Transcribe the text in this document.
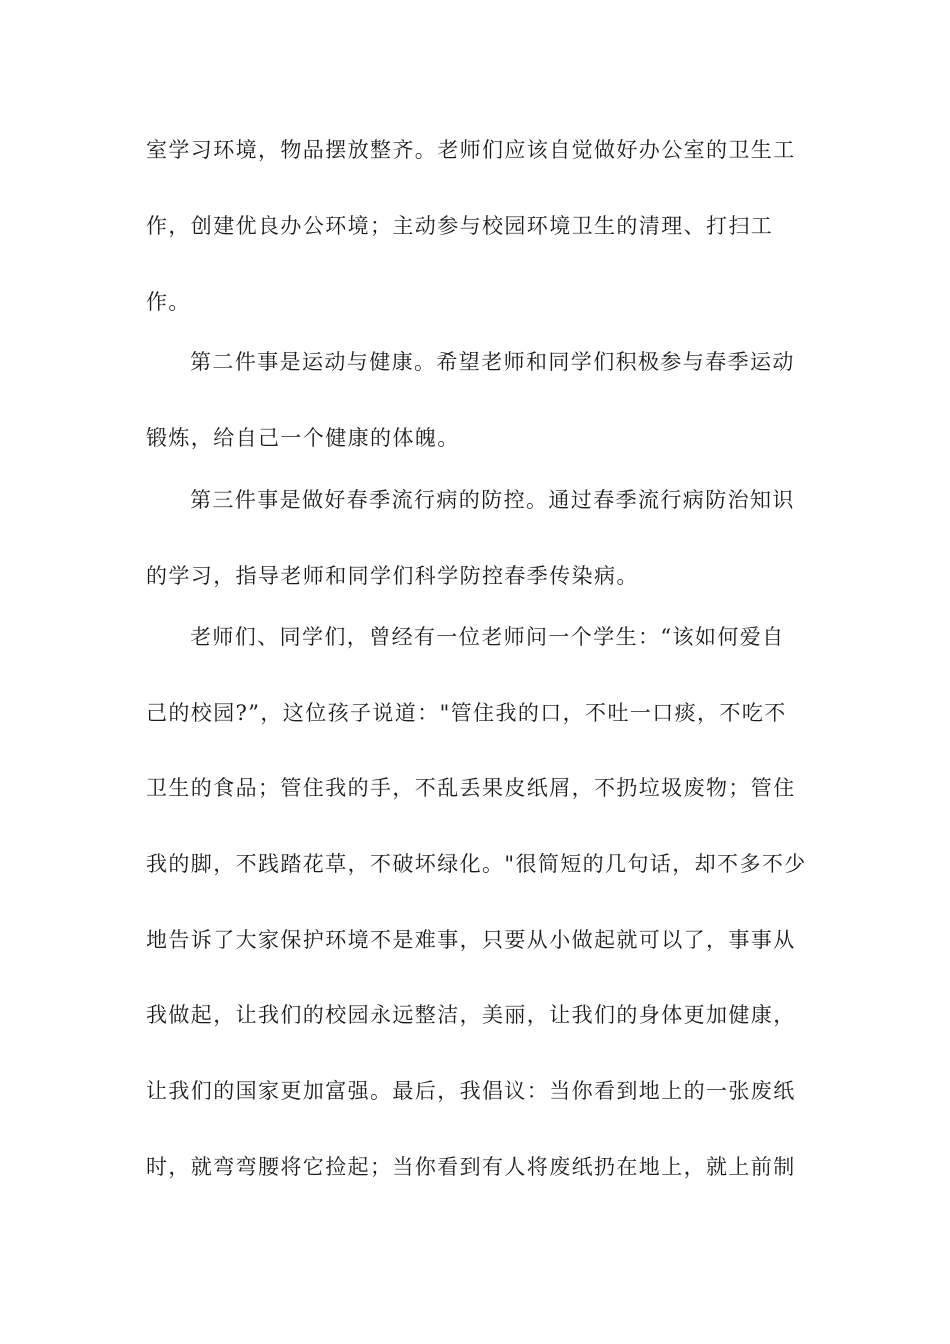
室学习环境，物品摆放整齐。老师们应该自觉做好办公室的卫生工
作，创建优良办公环境；主动参与校园环境卫生的清理、打扫工
作。
第二件事是运动与健康。希望老师和同学们积极参与春季运动
锻炼，给自己一个健康的体魄。
第三件事是做好春季流行病的防控。通过春季流行病防治知识
的学习，指导老师和同学们科学防控春季传染病。
老师们、同学们，曾经有一位老师问一个学生：“该如何爱自
己的校园?”，这位孩子说道："管住我的口，不吐一口痰，不吃不
卫生的食品；管住我的手，不乱丢果皮纸屑，不扔垃圾废物；管住
我的脚，不践踏花草，不破坏绿化。"很简短的几句话，却不多不少
地告诉了大家保护环境不是难事，只要从小做起就可以了，事事从
我做起，让我们的校园永远整洁，美丽，让我们的身体更加健康，
让我们的国家更加富强。最后，我倡议：当你看到地上的一张废纸
时，就弯弯腰将它捡起；当你看到有人将废纸扔在地上，就上前制
